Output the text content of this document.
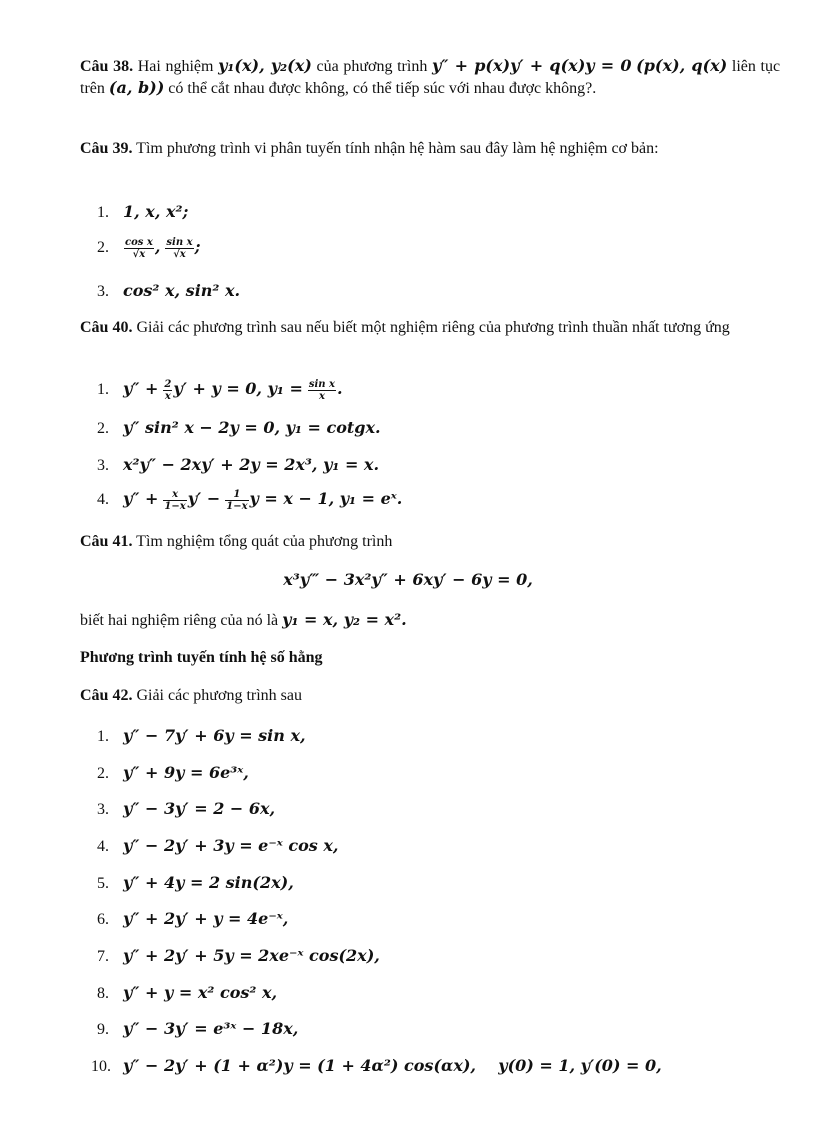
Câu 38. Hai nghiệm y₁(x), y₂(x) của phương trình y″ + p(x)y′ + q(x)y = 0 (p(x), q(x) liên tục trên (a, b)) có thể cắt nhau được không, có thể tiếp súc với nhau được không?.
Câu 39. Tìm phương trình vi phân tuyến tính nhận hệ hàm sau đây làm hệ nghiệm cơ bản:
1. 1, x, x²;
2. $\frac{\text{cos x}}{√x}$ , $\frac{\text{sin x}}{√x}$ ;
3. cos² x, sin² x.
Câu 40. Giải các phương trình sau nếu biết một nghiệm riêng của phương trình thuần nhất tương ứng
1. $y'' + \frac{2}{x} y' + y = 0$, $y_1 = \frac{\text{sin x}}{x}$ .
2. y″ sin² x − 2y = 0, y₁ = cotgx.
3. x²y″ − 2xy′ + 2y = 2x³, y₁ = x.
4. $y'' + \frac{x}{1-x} y' - \frac{1}{1-x}$ y = x − 1, y₁ = eˣ.
Câu 41. Tìm nghiệm tổng quát của phương trình
x³y‴ − 3x²y″ + 6xy′ − 6y = 0,
biết hai nghiệm riêng của nó là y₁ = x, y₂ = x².
Phương trình tuyến tính hệ số hằng
Câu 42. Giải các phương trình sau
1. y″ − 7y′ + 6y = sin x,
2. y″ + 9y = 6e³ˣ,
3. y″ − 3y′ = 2 − 6x,
4. y″ − 2y′ + 3y = e⁻ˣ cos x,
5. y″ + 4y = 2 sin(2x),
6. y″ + 2y′ + y = 4e⁻ˣ,
7. y″ + 2y′ + 5y = 2xe⁻ˣ cos(2x),
8. y″ + y = x² cos² x,
9. y″ − 3y′ = e³ˣ − 18x,
10. y″ − 2y′ + (1 + α²)y = (1 + 4α²) cos(αx),    y(0) = 1, y′(0) = 0,
